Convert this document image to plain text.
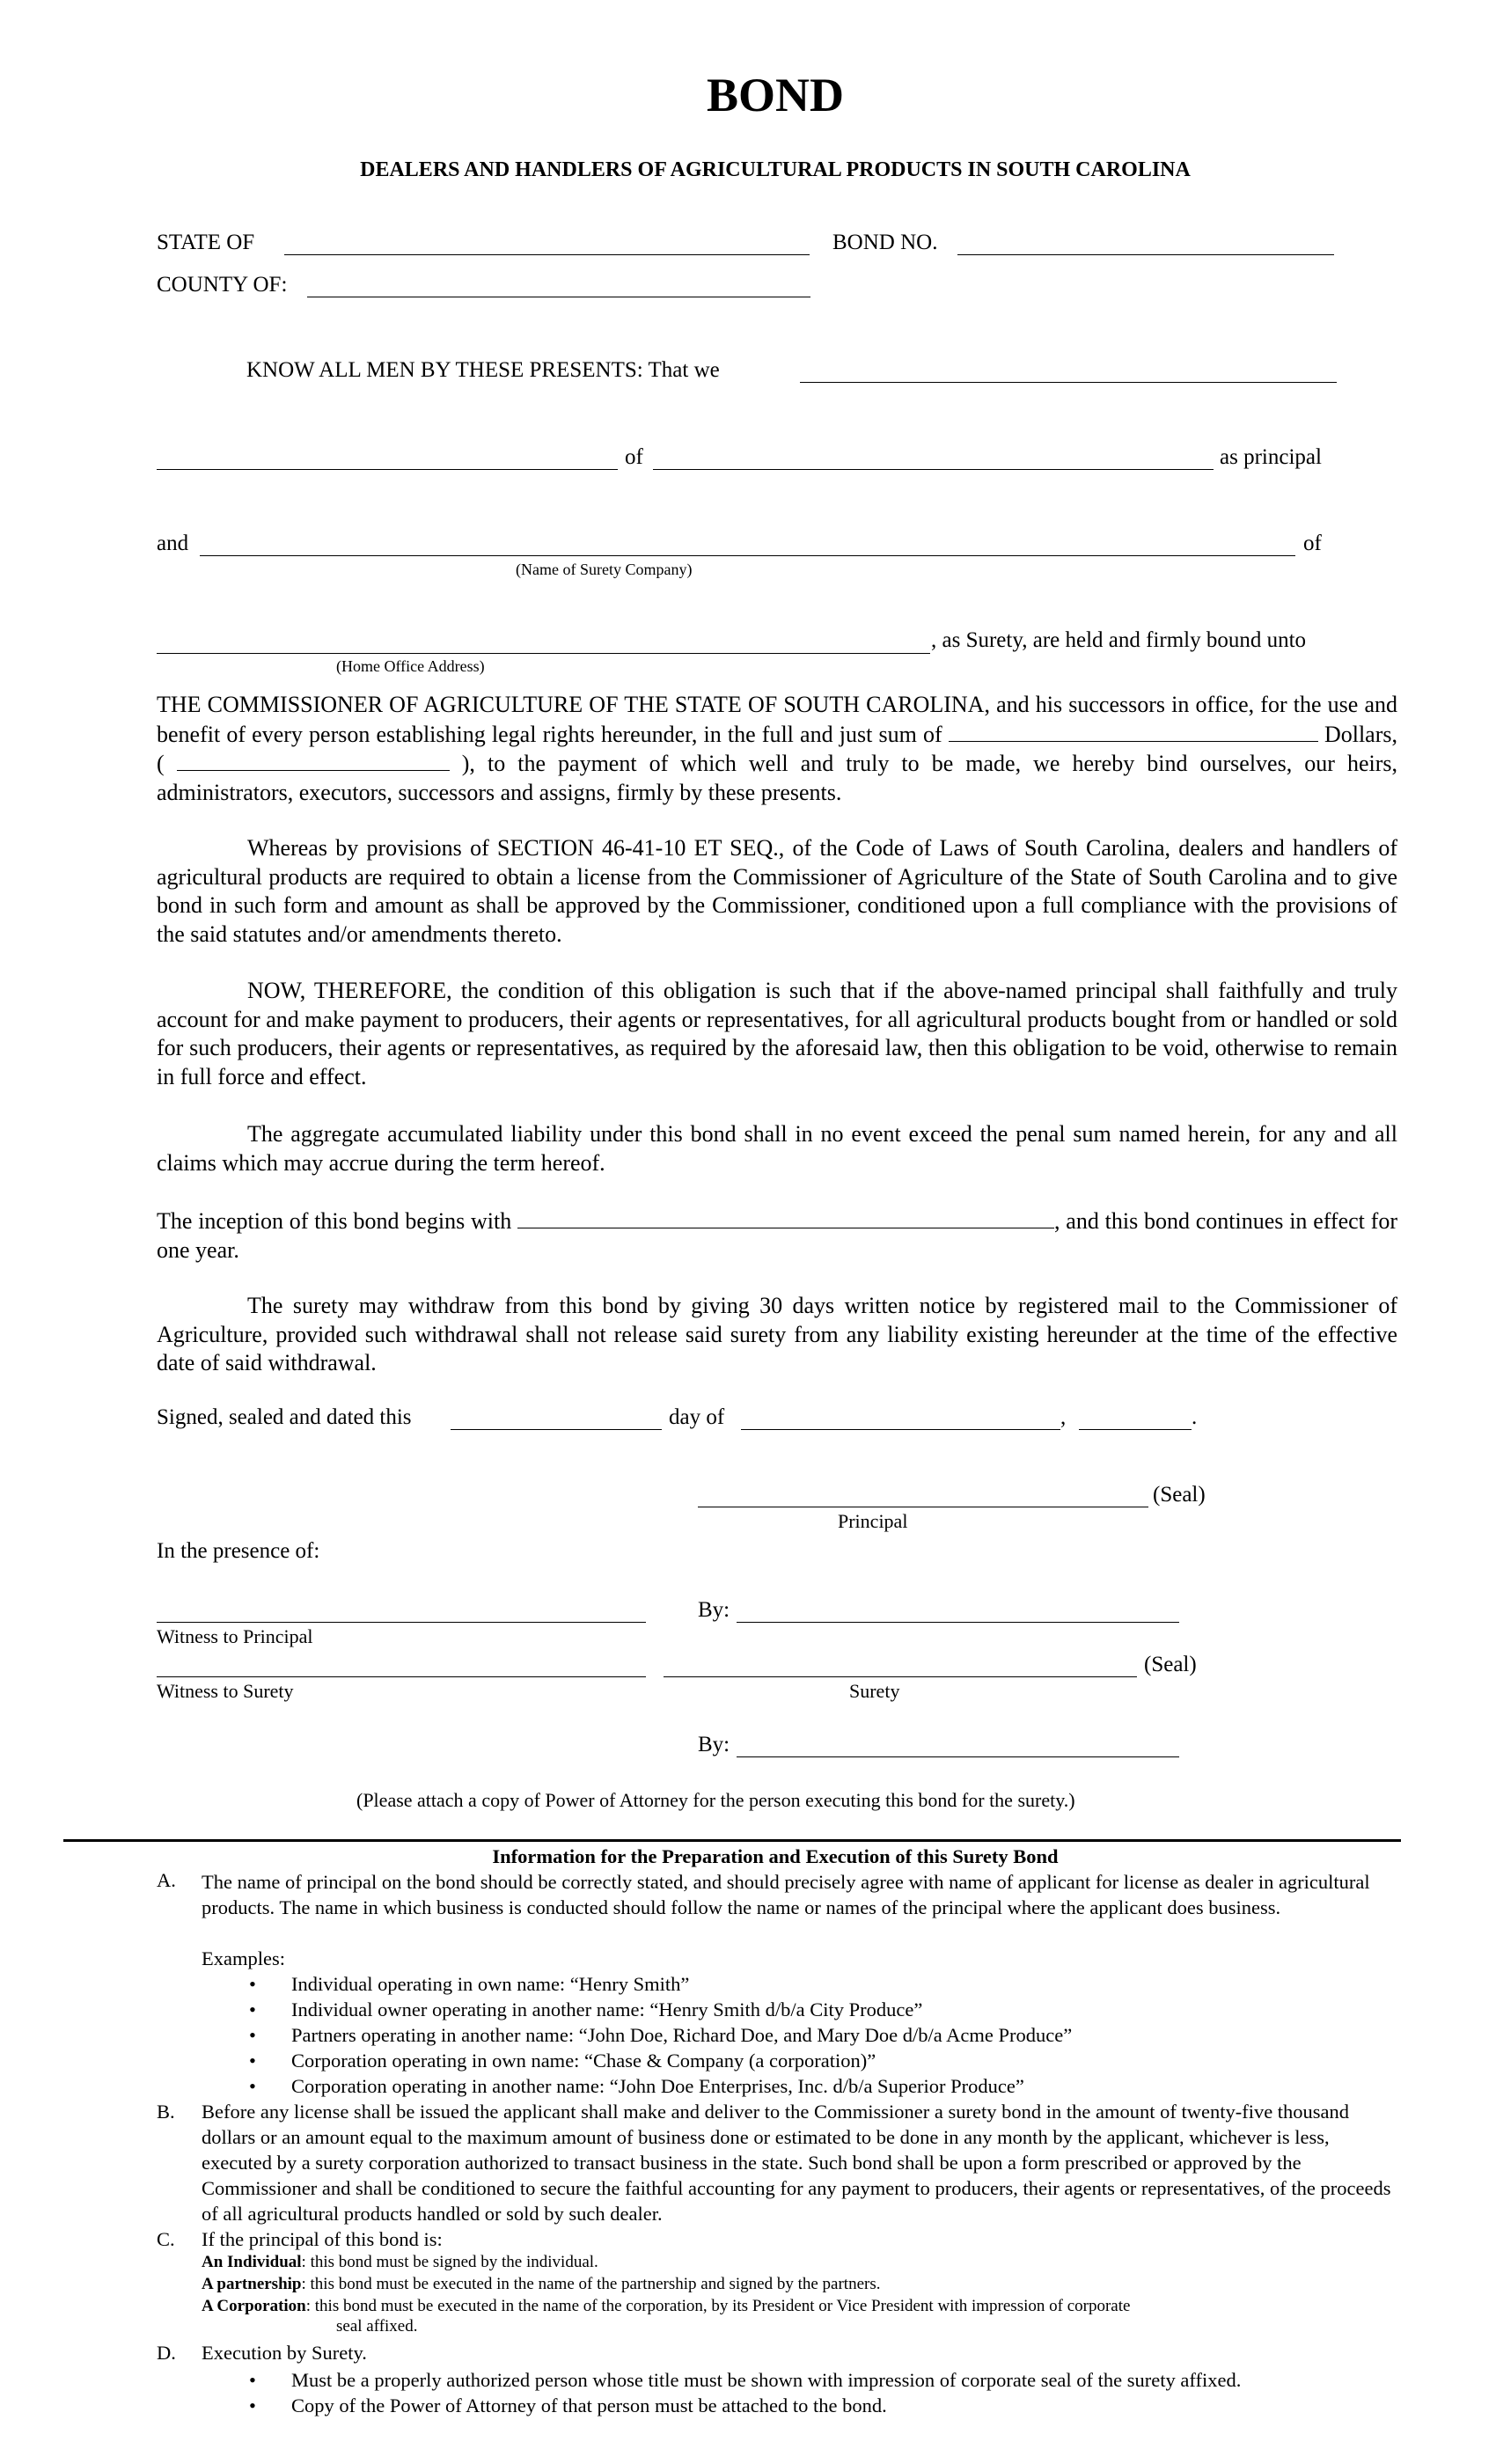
BOND
DEALERS AND HANDLERS OF AGRICULTURAL PRODUCTS IN SOUTH CAROLINA
STATE OF	BOND NO.
COUNTY OF:
KNOW ALL MEN BY THESE PRESENTS: That we
of	as principal
and	of
(Name of Surety Company)
, as Surety, are held and firmly bound unto
(Home Office Address)
THE COMMISSIONER OF AGRICULTURE OF THE STATE OF SOUTH CAROLINA, and his successors in office, for the use and benefit of every person establishing legal rights hereunder, in the full and just sum of	Dollars, (	), to the payment of which well and truly to be made, we hereby bind ourselves, our heirs, administrators, executors, successors and assigns, firmly by these presents.
Whereas by provisions of SECTION 46-41-10 ET SEQ., of the Code of Laws of South Carolina, dealers and handlers of agricultural products are required to obtain a license from the Commissioner of Agriculture of the State of South Carolina and to give bond in such form and amount as shall be approved by the Commissioner, conditioned upon a full compliance with the provisions of the said statutes and/or amendments thereto.
NOW, THEREFORE, the condition of this obligation is such that if the above-named principal shall faithfully and truly account for and make payment to producers, their agents or representatives, for all agricultural products bought from or handled or sold for such producers, their agents or representatives, as required by the aforesaid law, then this obligation to be void, otherwise to remain in full force and effect.
The aggregate accumulated liability under this bond shall in no event exceed the penal sum named herein, for any and all claims which may accrue during the term hereof.
The inception of this bond begins with	, and this bond continues in effect for one year.
The surety may withdraw from this bond by giving 30 days written notice by registered mail to the Commissioner of Agriculture, provided such withdrawal shall not release said surety from any liability existing hereunder at the time of the effective date of said withdrawal.
Signed, sealed and dated this	day of	,	.
(Seal)
Principal
In the presence of:
By:
Witness to Principal
(Seal)
Witness to Surety	Surety
By:
(Please attach a copy of Power of Attorney for the person executing this bond for the surety.)
Information for the Preparation and Execution of this Surety Bond
A. The name of principal on the bond should be correctly stated, and should precisely agree with name of applicant for license as dealer in agricultural products. The name in which business is conducted should follow the name or names of the principal where the applicant does business.
Examples:
• Individual operating in own name: “Henry Smith”
• Individual owner operating in another name: “Henry Smith d/b/a City Produce”
• Partners operating in another name: “John Doe, Richard Doe, and Mary Doe d/b/a Acme Produce”
• Corporation operating in own name: “Chase & Company (a corporation)”
• Corporation operating in another name: “John Doe Enterprises, Inc. d/b/a Superior Produce”
B. Before any license shall be issued the applicant shall make and deliver to the Commissioner a surety bond in the amount of twenty-five thousand dollars or an amount equal to the maximum amount of business done or estimated to be done in any month by the applicant, whichever is less, executed by a surety corporation authorized to transact business in the state. Such bond shall be upon a form prescribed or approved by the Commissioner and shall be conditioned to secure the faithful accounting for any payment to producers, their agents or representatives, of the proceeds of all agricultural products handled or sold by such dealer.
C. If the principal of this bond is:
An Individual: this bond must be signed by the individual.
A partnership: this bond must be executed in the name of the partnership and signed by the partners.
A Corporation: this bond must be executed in the name of the corporation, by its President or Vice President with impression of corporate
seal affixed.
D. Execution by Surety.
• Must be a properly authorized person whose title must be shown with impression of corporate seal of the surety affixed.
• Copy of the Power of Attorney of that person must be attached to the bond.
